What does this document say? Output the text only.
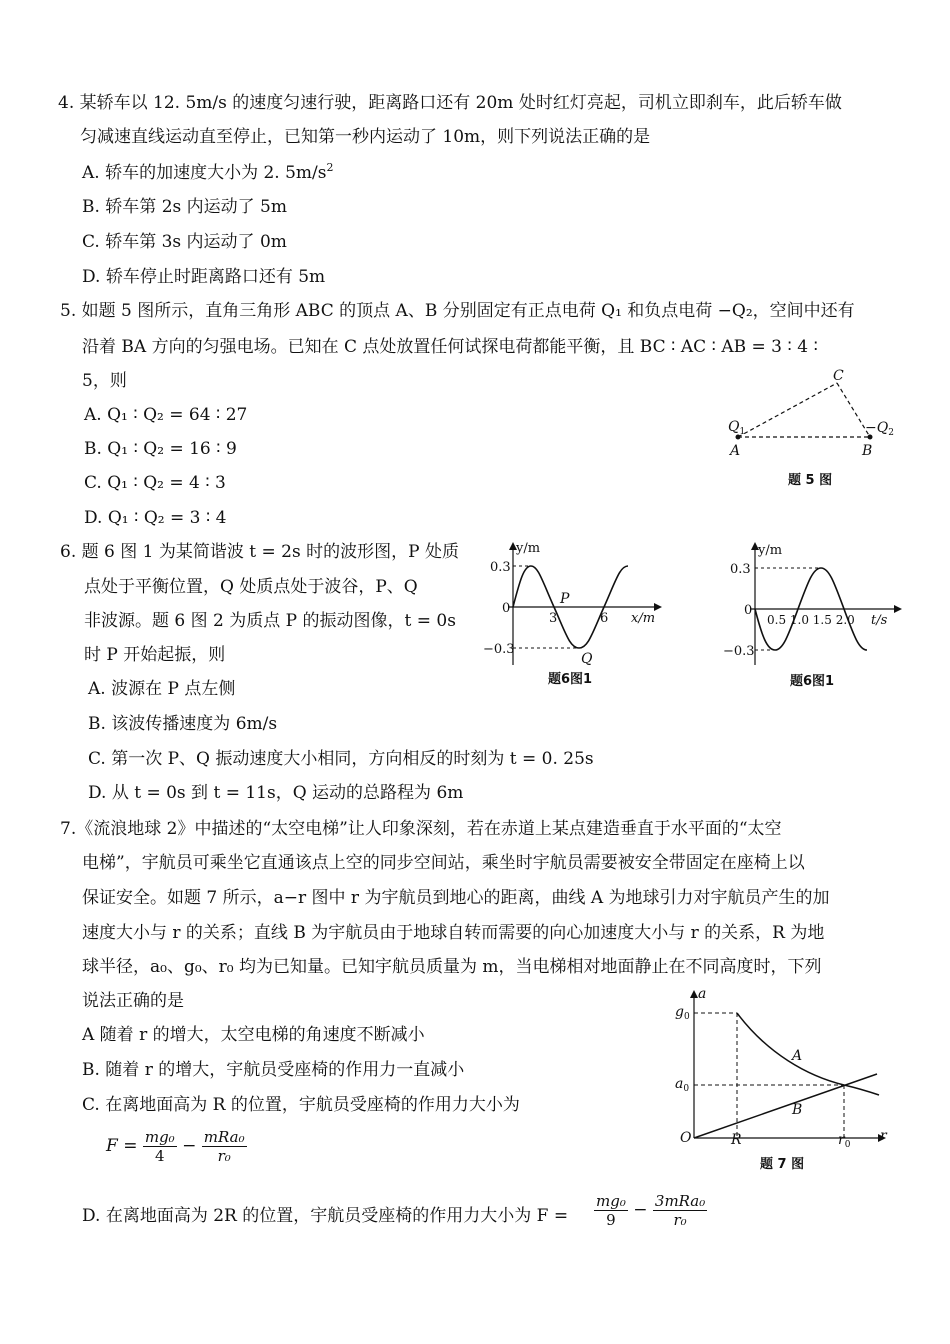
4. 某轿车以 12. 5m/s 的速度匀速行驶，距离路口还有 20m 处时红灯亮起，司机立即刹车，此后轿车做
匀减速直线运动直至停止，已知第一秒内运动了 10m，则下列说法正确的是
A. 轿车的加速度大小为 2. $5m/s^2$
B. 轿车第 2s 内运动了 5m
C. 轿车第 3s 内运动了 0m
D. 轿车停止时距离路口还有 5m
5. 如题 5 图所示，直角三角形 ABC 的顶点 A、B 分别固定有正点电荷 Q₁ 和负点电荷 −Q₂，空间中还有
沿着 BA 方向的匀强电场。已知在 C 点处放置任何试探电荷都能平衡，且 BC ∶ AC ∶ AB = 3 ∶ 4 ∶
5，则
A. Q₁ ∶ Q₂ = 64 ∶ 27
B. Q₁ ∶ Q₂ = 16 ∶ 9
C. Q₁ ∶ Q₂ = 4 ∶ 3
D. Q₁ ∶ Q₂ = 3 ∶ 4
C
$Q_1$
A	B
$-Q_2$
题 5 图
6. 题 6 图 1 为某简谐波 t = 2s 时的波形图，P 处质
点处于平衡位置，Q 处质点处于波谷，P、Q
非波源。题 6 图 2 为质点 P 的振动图像，t = 0s
时 P 开始起振，则
A. 波源在 P 点左侧
B. 该波传播速度为 6m/s
C. 第一次 P、Q 振动速度大小相同，方向相反的时刻为 t = 0. 25s
D. 从 t = 0s 到 t = 11s，Q 运动的总路程为 6m
y/m
0.3
0
−0.3
3	6 x/m
P
Q
题6图1
y/m
0.3
0
−0.3
0.5 1.0 1.5 2.0 t/s
题6图1
7.《流浪地球 2》中描述的“太空电梯”让人印象深刻，若在赤道上某点建造垂直于水平面的“太空
电梯”，宇航员可乘坐它直通该点上空的同步空间站，乘坐时宇航员需要被安全带固定在座椅上以
保证安全。如题 7 所示，a−r 图中 r 为宇航员到地心的距离，曲线 A 为地球引力对宇航员产生的加
速度大小与 r 的关系；直线 B 为宇航员由于地球自转而需要的向心加速度大小与 r 的关系，R 为地
球半径，a₀、g₀、r₀ 均为已知量。已知宇航员质量为 m，当电梯相对地面静止在不同高度时，下列
说法正确的是
A 随着 r 的增大，太空电梯的角速度不断减小
B. 随着 r 的增大，宇航员受座椅的作用力一直减小
C. 在离地面高为 R 的位置，宇航员受座椅的作用力大小为
$F = \frac{\text{mg₀}}{4} - \frac{\text{mRa₀}}{\text{r₀}}$
D. 在离地面高为 2R 的位置，宇航员受座椅的作用力大小为 $F = \frac{\text{mg₀}}{9} - \frac{\text{3mRa₀}}{\text{r₀}}$
a
$g_0$
$a_0$
O	R	$r_0$
r
A
B
题 7 图
